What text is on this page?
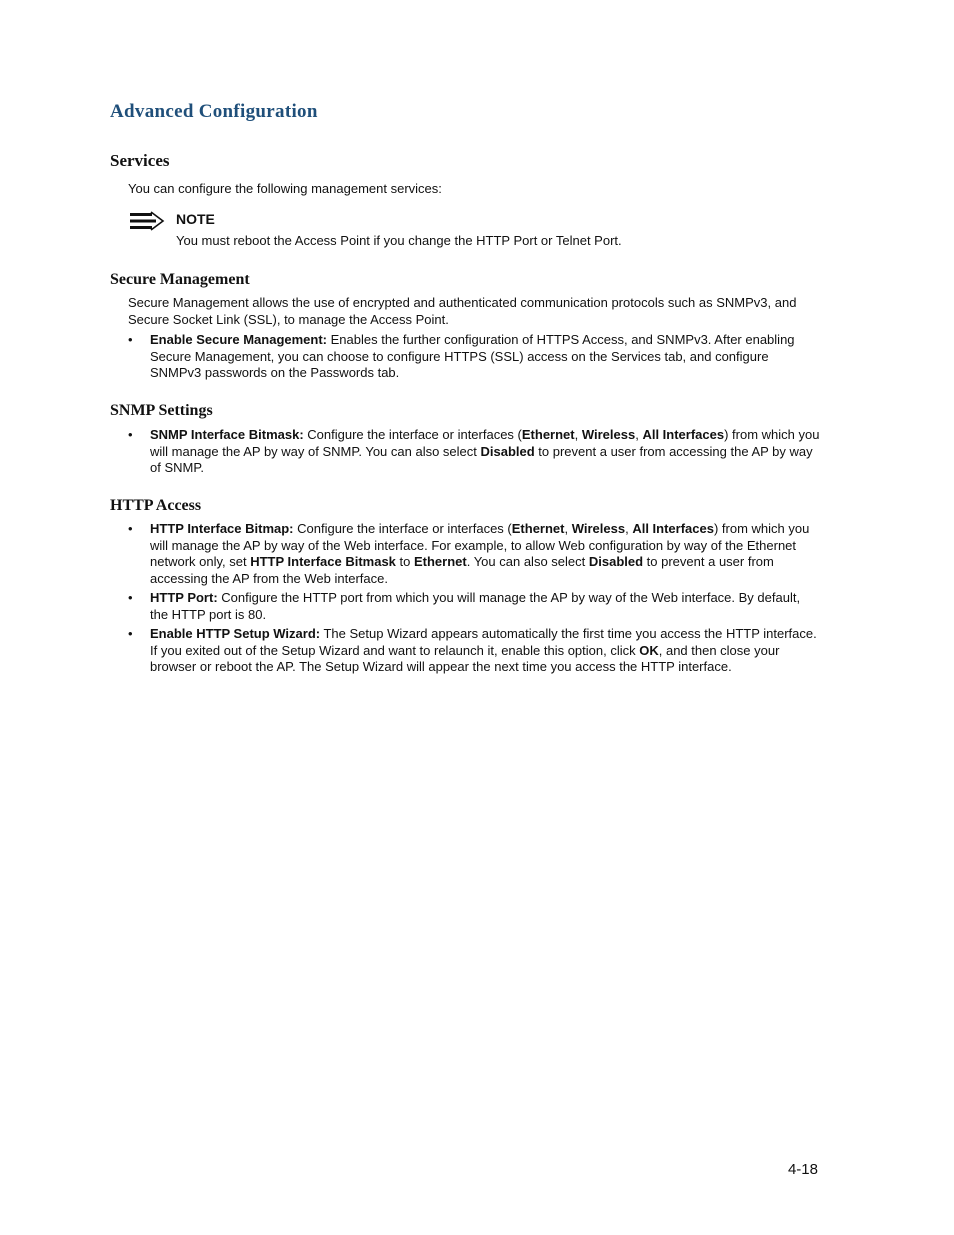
Advanced Configuration
Services

You can configure the following management services:

NOTE

You must reboot the Access Point if you change the HTTP Port or Telnet Port.

Secure Management

Secure Management allows the use of encrypted and authenticated communication protocols such as SNMPv3, and Secure Socket Link (SSL), to manage the Access Point.

• Enable Secure Management: Enables the further configuration of HTTPS Access, and SNMPv3. After enabling Secure Management, you can choose to configure HTTPS (SSL) access on the Services tab, and configure SNMPv3 passwords on the Passwords tab.
SNMP Settings
• SNMP Interface Bitmask: Configure the interface or interfaces (Ethernet, Wireless, All Interfaces) from which you will manage the AP by way of SNMP. You can also select Disabled to prevent a user from accessing the AP by way of SNMP.
HTTP Access
• HTTP Interface Bitmap: Configure the interface or interfaces (Ethernet, Wireless, All Interfaces) from which you will manage the AP by way of the Web interface. For example, to allow Web configuration by way of the Ethernet network only, set HTTP Interface Bitmask to Ethernet. You can also select Disabled to prevent a user from accessing the AP from the Web interface.
• HTTP Port: Configure the HTTP port from which you will manage the AP by way of the Web interface. By default, the HTTP port is 80.
• Enable HTTP Setup Wizard: The Setup Wizard appears automatically the first time you access the HTTP interface. If you exited out of the Setup Wizard and want to relaunch it, enable this option, click OK, and then close your browser or reboot the AP. The Setup Wizard will appear the next time you access the HTTP interface.
4-18
